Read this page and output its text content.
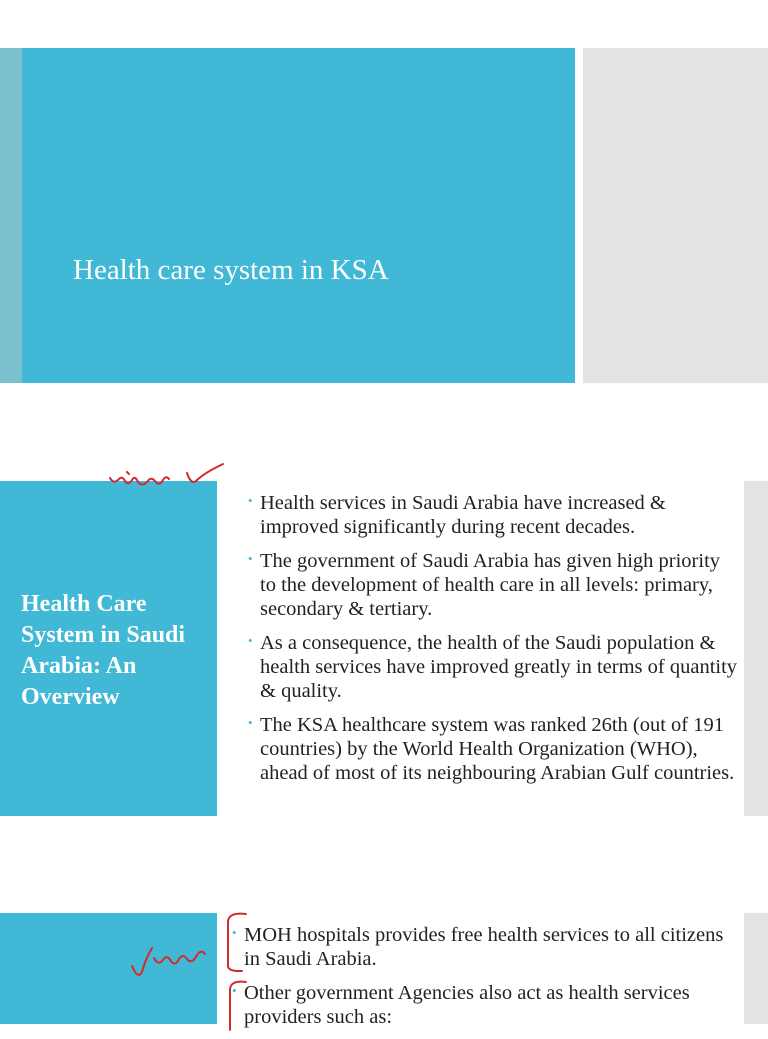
Health care system in KSA
Health Care System in Saudi Arabia: An Overview
• Health services in Saudi Arabia have increased & improved significantly during recent decades.
• The government of Saudi Arabia has given high priority to the development of health care in all levels: primary, secondary & tertiary.
• As a consequence, the health of the Saudi population & health services have improved greatly in terms of quantity & quality.
• The KSA healthcare system was ranked 26th (out of 191 countries) by the World Health Organization (WHO), ahead of most of its neighbouring Arabian Gulf countries.
• MOH hospitals provides free health services to all citizens in Saudi Arabia.
• Other government Agencies also act as health services providers such as:
